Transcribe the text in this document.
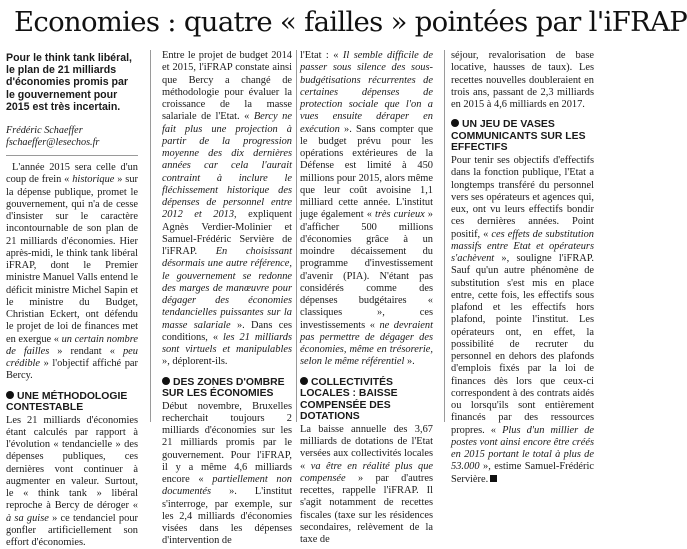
Economies : quatre « failles » pointées par l'iFRAP

Pour le think tank libéral, le plan de 21 milliards d'économies promis par le gouvernement pour 2015 est très incertain.

Frédéric Schaeffer

fschaeffer@lesechos.fr

L'année 2015 sera celle d'un coup de frein « historique » sur la dépense publique, promet le gouvernement, qui n'a de cesse d'insister sur le caractère incontournable de son plan de 21 milliards d'économies. Hier après-midi, le think tank libéral iFRAP, dont le Premier ministre Manuel Valls entend le déficit ministre Michel Sapin et le ministre du Budget, Christian Eckert, ont défendu le projet de loi de finances met en exergue « un certain nombre de failles » rendant « peu crédible » l'objectif affiché par Bercy.

UNE MÉTHODOLOGIE CONTESTABLE

Les 21 milliards d'économies étant calculés par rapport à l'évolution « tendancielle » des dépenses publiques, ces dernières vont continuer à augmenter en valeur. Surtout, le « think tank » libéral reproche à Bercy de déroger « à sa guise » ce tendanciel pour gonfler artificiellement son effort d'économies.

Entre le projet de budget 2014 et 2015, l'iFRAP constate ainsi que Bercy a changé de méthodologie pour évaluer la croissance de la masse salariale de l'Etat. « Bercy ne fait plus une projection à partir de la progression moyenne des dix dernières années car cela l'aurait contraint à inclure le fléchissement historique des dépenses de personnel entre 2012 et 2013, expliquent Agnès Verdier-Molinier et Samuel-Frédéric Servière de l'iFRAP. En choisissant désormais une autre référence, le gouvernement se redonne des marges de manœuvre pour dégager des économies tendancielles puissantes sur la masse salariale ». Dans ces conditions, « les 21 milliards sont virtuels et manipulables », déplorent-ils.

DES ZONES D'OMBRE SUR LES ÉCONOMIES

Début novembre, Bruxelles recherchait toujours 2 milliards d'économies sur les 21 milliards promis par le gouvernement. Pour l'iFRAP, il y a même 4,6 milliards encore « partiellement non documentés ». L'institut s'interroge, par exemple, sur les 2,4 milliards d'économies visées dans les dépenses d'intervention de

l'Etat : « Il semble difficile de passer sous silence des sous-budgétisations récurrentes de certaines dépenses de protection sociale que l'on a vues ensuite déraper en exécution ». Sans compter que le budget prévu pour les opérations extérieures de la Défense est limité à 450 millions pour 2015, alors même que leur coût avoisine 1,1 milliard cette année. L'institut juge également « très curieux » d'afficher 500 millions d'économies grâce à un moindre décaissement du programme d'investissement d'avenir (PIA). N'étant pas considérés comme des dépenses budgétaires « classiques », ces investissements « ne devraient pas permettre de dégager des économies, même en trésorerie, selon le même référentiel ».

COLLECTIVITÉS LOCALES : BAISSE COMPENSÉE DES DOTATIONS

La baisse annuelle des 3,67 milliards de dotations de l'Etat versées aux collectivités locales « va être en réalité plus que compensée » par d'autres recettes, rappelle l'iFRAP. Il s'agit notamment de recettes fiscales (taxe sur les résidences secondaires, relèvement de la taxe de

séjour, revalorisation de base locative, hausses de taux). Les recettes nouvelles doubleraient en trois ans, passant de 2,3 milliards en 2015 à 4,6 milliards en 2017.

UN JEU DE VASES COMMUNICANTS SUR LES EFFECTIFS

Pour tenir ses objectifs d'effectifs dans la fonction publique, l'Etat a longtemps transféré du personnel vers ses opérateurs et agences qui, eux, ont vu leurs effectifs bondir ces dernières années. Point positif, « ces effets de substitution massifs entre Etat et opérateurs s'achèvent », souligne l'iFRAP. Sauf qu'un autre phénomène de substitution s'est mis en place entre, cette fois, les effectifs sous plafond et les effectifs hors plafond, pointe l'institut. Les opérateurs ont, en effet, la possibilité de recruter du personnel en dehors des plafonds d'emplois fixés par la loi de finances dès lors que ceux-ci correspondent à des contrats aidés ou lorsqu'ils sont entièrement financés par des ressources propres. « Plus d'un millier de postes vont ainsi encore être créés en 2015 portant le total à plus de 53.000 », estime Samuel-Frédéric Servière.
